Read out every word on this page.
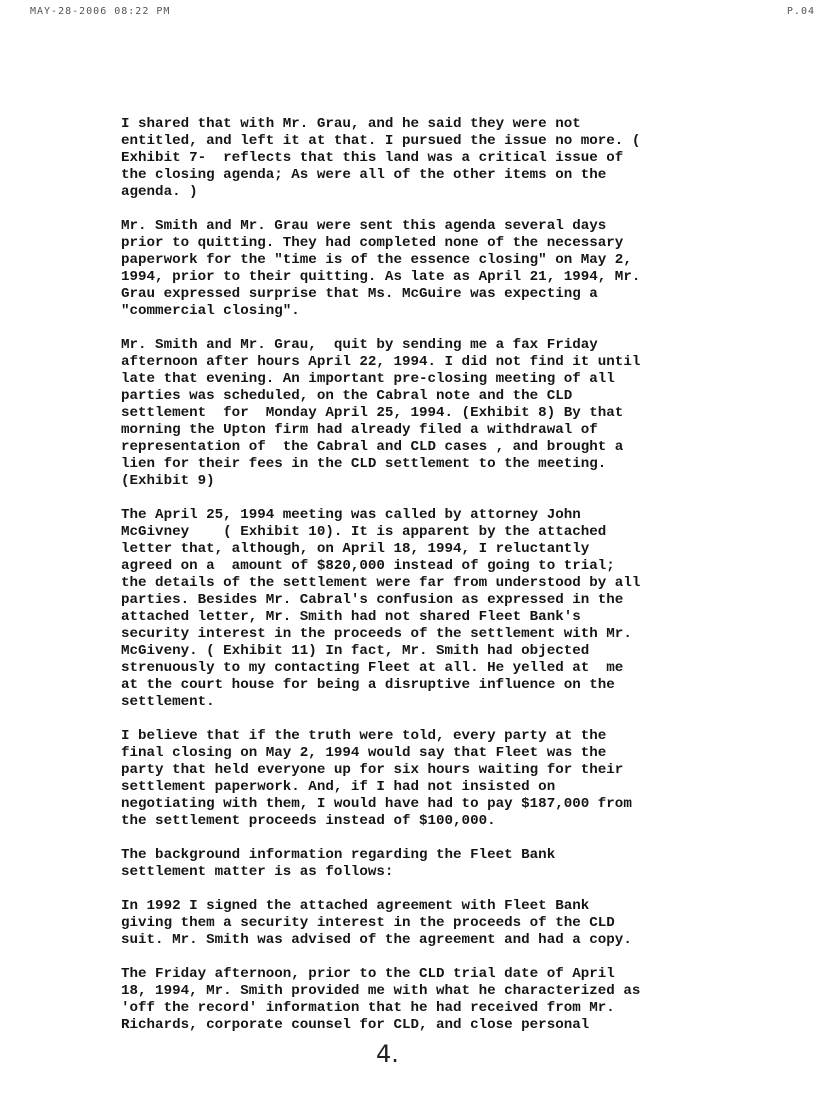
MAY-28-2006 08:22 PM	P.04
I shared that with Mr. Grau, and he said they were not
entitled, and left it at that. I pursued the issue no more. (
Exhibit 7-  reflects that this land was a critical issue of
the closing agenda; As were all of the other items on the
agenda. )
Mr. Smith and Mr. Grau were sent this agenda several days
prior to quitting. They had completed none of the necessary
paperwork for the "time is of the essence closing" on May 2,
1994, prior to their quitting. As late as April 21, 1994, Mr.
Grau expressed surprise that Ms. McGuire was expecting a
"commercial closing".
Mr. Smith and Mr. Grau,  quit by sending me a fax Friday
afternoon after hours April 22, 1994. I did not find it until
late that evening. An important pre-closing meeting of all
parties was scheduled, on the Cabral note and the CLD
settlement  for  Monday April 25, 1994. (Exhibit 8) By that
morning the Upton firm had already filed a withdrawal of
representation of  the Cabral and CLD cases , and brought a
lien for their fees in the CLD settlement to the meeting.
(Exhibit 9)
The April 25, 1994 meeting was called by attorney John
McGivney    ( Exhibit 10). It is apparent by the attached
letter that, although, on April 18, 1994, I reluctantly
agreed on a  amount of $820,000 instead of going to trial;
the details of the settlement were far from understood by all
parties. Besides Mr. Cabral's confusion as expressed in the
attached letter, Mr. Smith had not shared Fleet Bank's
security interest in the proceeds of the settlement with Mr.
McGiveny. ( Exhibit 11) In fact, Mr. Smith had objected
strenuously to my contacting Fleet at all. He yelled at  me
at the court house for being a disruptive influence on the
settlement.
I believe that if the truth were told, every party at the
final closing on May 2, 1994 would say that Fleet was the
party that held everyone up for six hours waiting for their
settlement paperwork. And, if I had not insisted on
negotiating with them, I would have had to pay $187,000 from
the settlement proceeds instead of $100,000.
The background information regarding the Fleet Bank
settlement matter is as follows:
In 1992 I signed the attached agreement with Fleet Bank
giving them a security interest in the proceeds of the CLD
suit. Mr. Smith was advised of the agreement and had a copy.
The Friday afternoon, prior to the CLD trial date of April
18, 1994, Mr. Smith provided me with what he characterized as
'off the record' information that he had received from Mr.
Richards, corporate counsel for CLD, and close personal
4.
